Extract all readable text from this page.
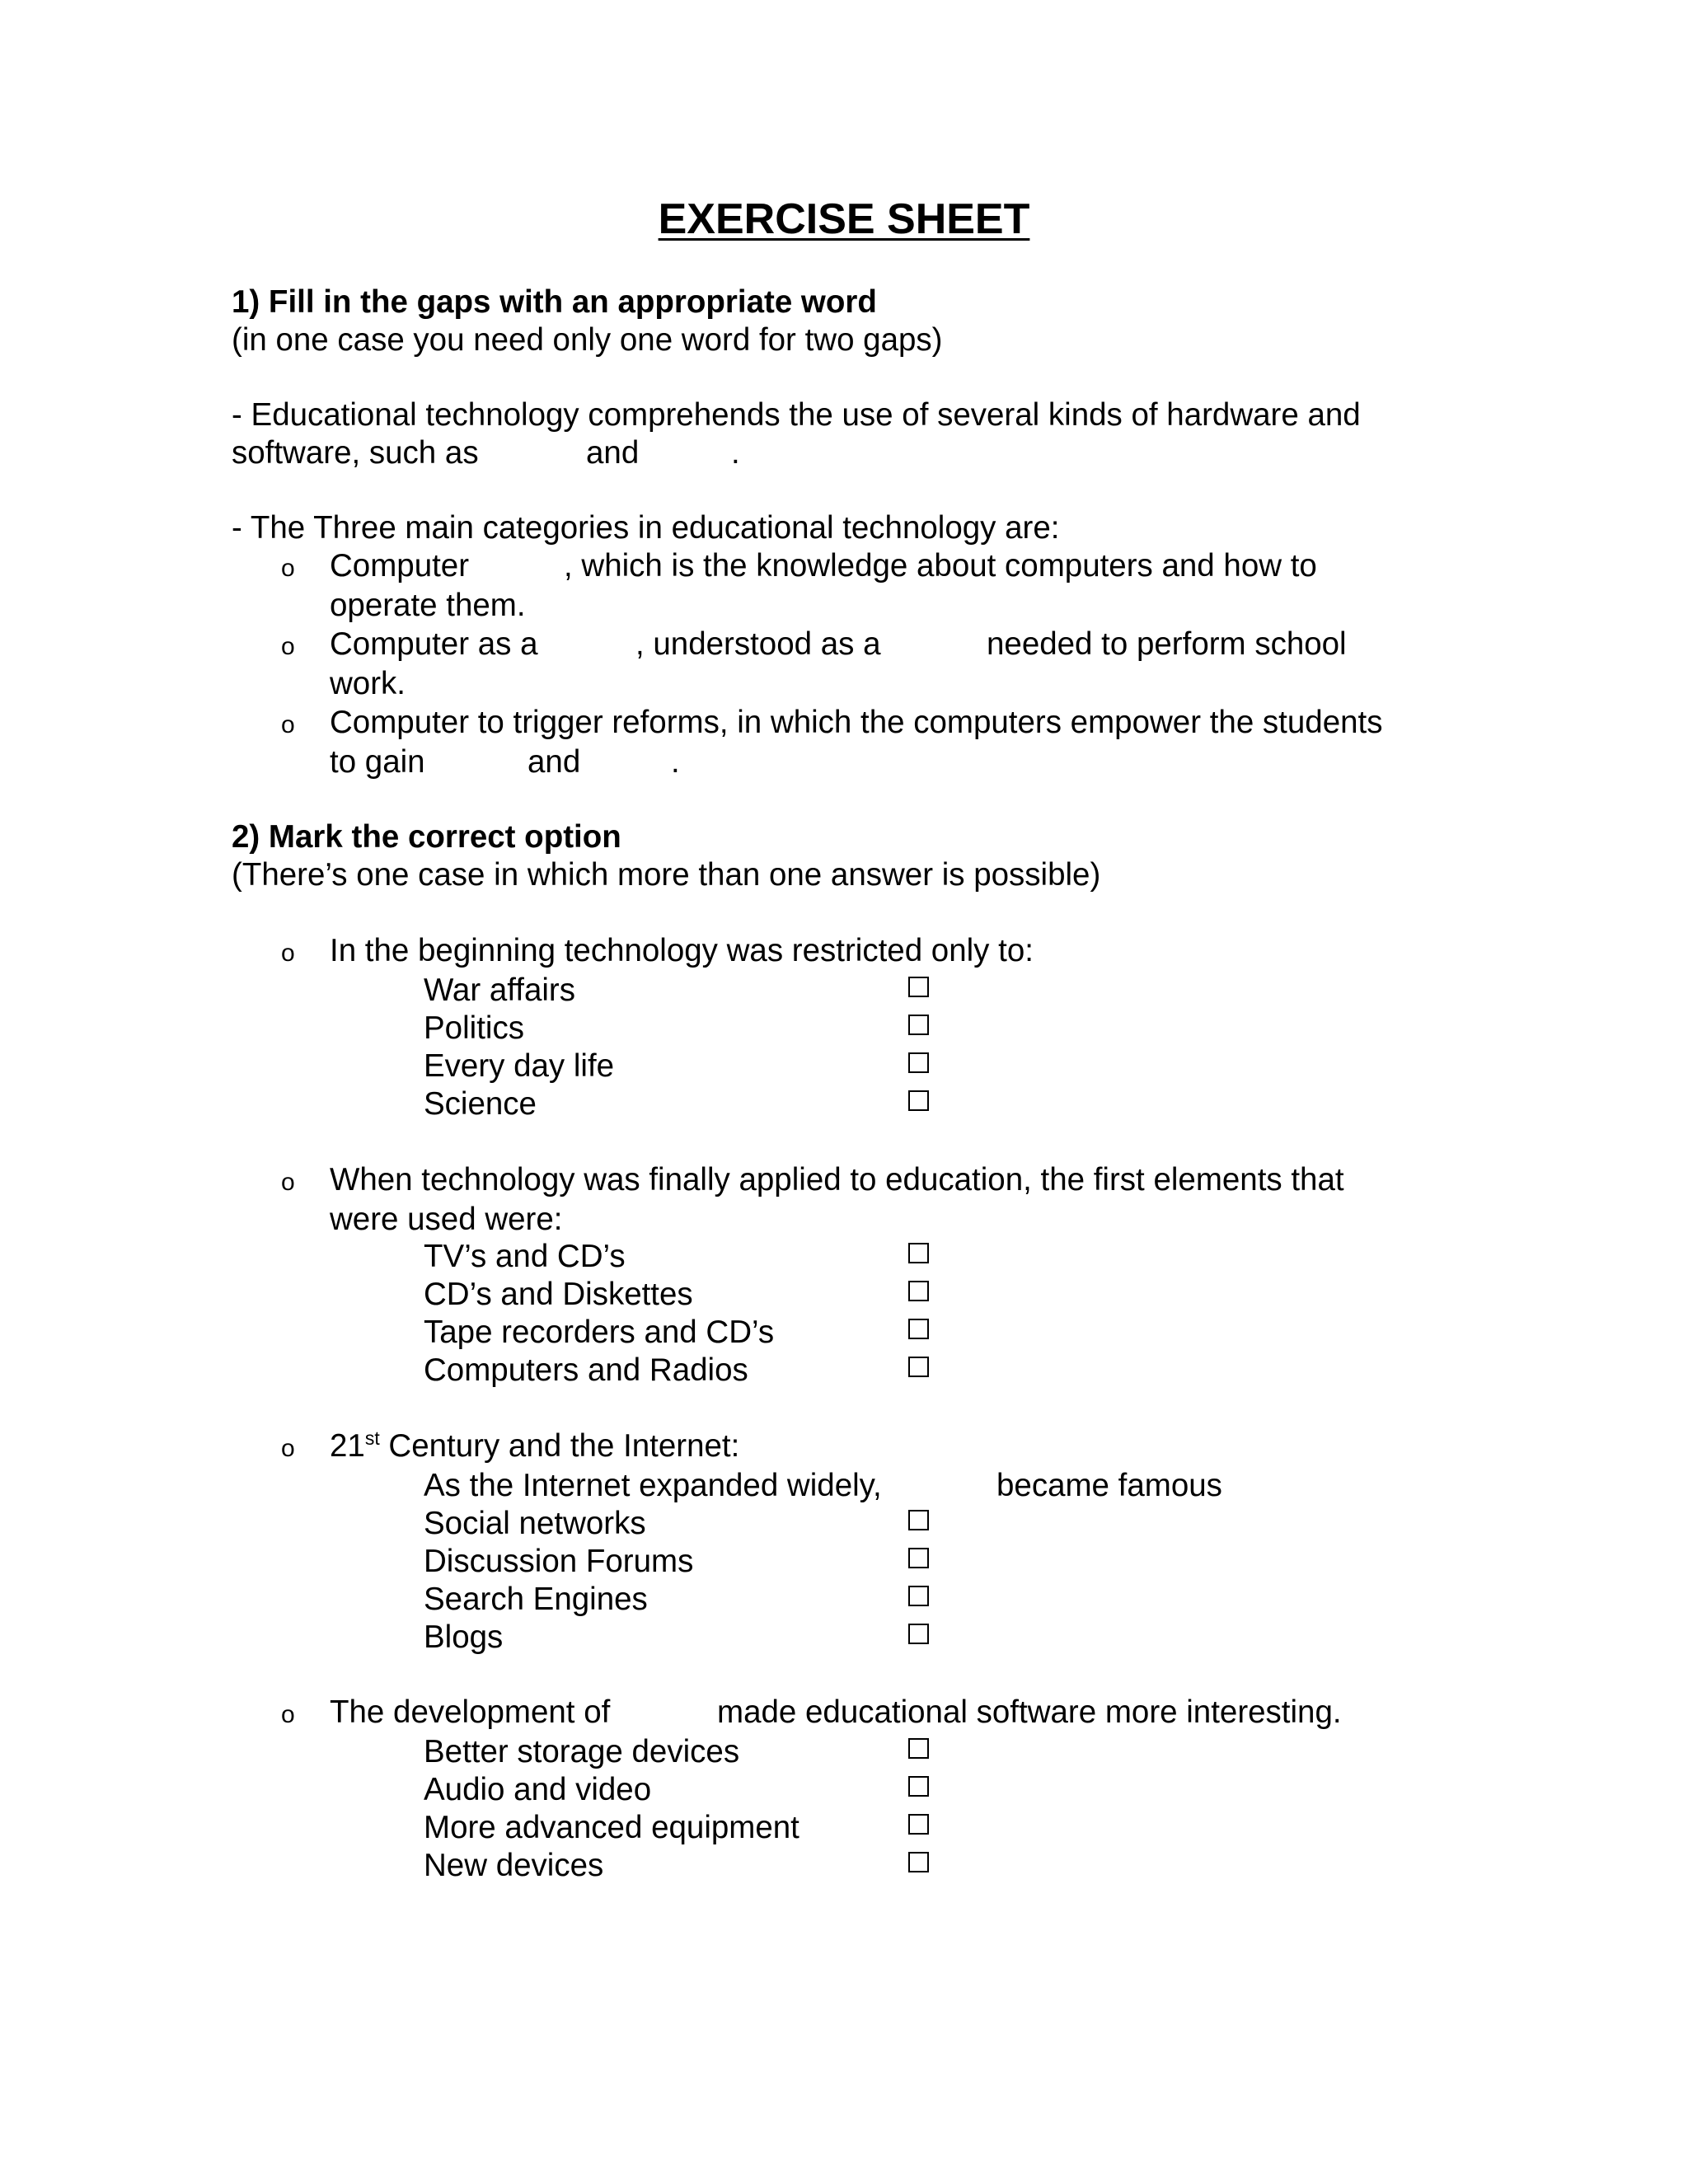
EXERCISE SHEET
1) Fill in the gaps with an appropriate word
(in one case you need only one word for two gaps)
- Educational technology comprehends the use of several kinds of hardware and
software, such as	and	.
- The Three main categories in educational technology are:
o Computer	, which is the knowledge about computers and how to
operate them.
o Computer as a	, understood as a	needed to perform school
work.
o Computer to trigger reforms, in which the computers empower the students
to gain	and	.
2) Mark the correct option
(There’s one case in which more than one answer is possible)
o In the beginning technology was restricted only to:
War affairs
Politics
Every day life
Science
o When technology was finally applied to education, the first elements that
were used were:
TV’s and CD’s
CD’s and Diskettes
Tape recorders and CD’s
Computers and Radios
o 21st Century and the Internet:
As the Internet expanded widely,	became famous
Social networks
Discussion Forums
Search Engines
Blogs
o The development of	made educational software more interesting.
Better storage devices
Audio and video
More advanced equipment
New devices
